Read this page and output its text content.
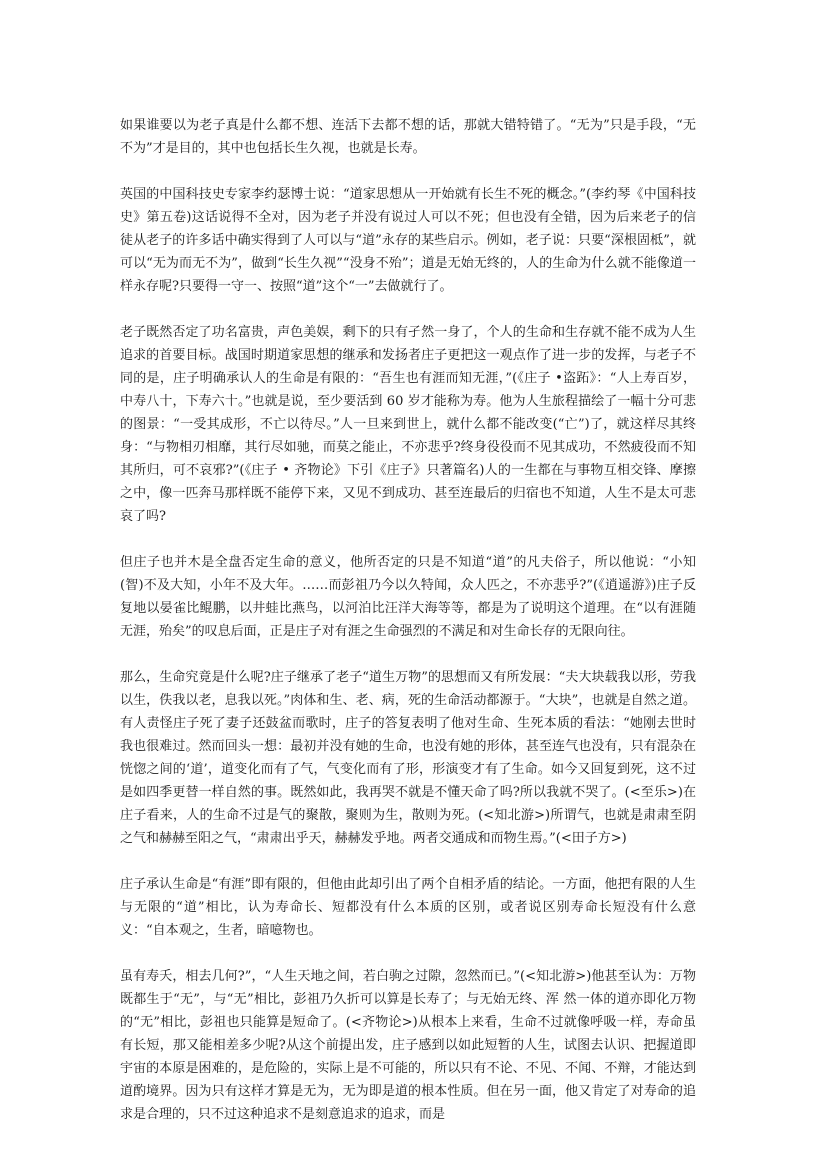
如果谁要以为老子真是什么都不想、连活下去都不想的话，那就大错特错了。“无为”只是手段，“无不为”才是目的，其中也包括长生久视，也就是长寿。

英国的中国科技史专家李约瑟博士说：“道家思想从一开始就有长生不死的概念。”(李约琴《中国科技史》第五卷)这话说得不全对，因为老子并没有说过人可以不死；但也没有全错，因为后来老子的信徒从老子的许多话中确实得到了人可以与“道”永存的某些启示。例如，老子说：只要“深根固柢”，就可以“无为而无不为”，做到“长生久视”“没身不殆”；道是无始无终的，人的生命为什么就不能像道一样永存呢?只要得一守一、按照“道”这个“一”去做就行了。

老子既然否定了功名富贵，声色美娱，剩下的只有孑然一身了，个人的生命和生存就不能不成为人生追求的首要目标。战国时期道家思想的继承和发扬者庄子更把这一观点作了进一步的发挥，与老子不同的是，庄子明确承认人的生命是有限的：“吾生也有涯而知无涯，”(《庄子 •盗跖》：“人上寿百岁，中寿八十，下寿六十。”也就是说，至少要活到 60 岁才能称为寿。他为人生旅程描绘了一幅十分可悲的图景：“一受其成形，不亡以待尽。”人一旦来到世上，就什么都不能改变(“亡”)了，就这样尽其终身：“与物相刃相靡，其行尽如驰，而莫之能止，不亦悲乎?终身役役而不见其成功，不然疲役而不知其所归，可不哀邪?”(《庄子 • 齐物论》下引《庄子》只著篇名)人的一生都在与事物互相交锋、摩擦之中，像一匹奔马那样既不能停下来，又见不到成功、甚至连最后的归宿也不知道，人生不是太可悲哀了吗?

但庄子也并木是全盘否定生命的意义，他所否定的只是不知道“道”的凡夫俗子，所以他说：“小知(智)不及大知，小年不及大年。……而彭祖乃今以久特闻，众人匹之，不亦悲乎?”(《逍遥游》)庄子反复地以晏雀比鲲鹏，以井蛙比燕鸟，以河泊比汪洋大海等等，都是为了说明这个道理。在“以有涯随无涯，殆矣”的叹息后面，正是庄子对有涯之生命强烈的不满足和对生命长存的无限向往。

那么，生命究竟是什么呢?庄子继承了老子“道生万物”的思想而又有所发展：“夫大块载我以形，劳我以生，佚我以老，息我以死。”肉体和生、老、病，死的生命活动都源于。“大块”，也就是自然之道。有人责怪庄子死了妻子还鼓盆而歌时，庄子的答复表明了他对生命、生死本质的看法：“她刚去世时我也很难过。然而回头一想：最初并没有她的生命，也没有她的形体，甚至连气也没有，只有混杂在恍惚之间的‘道’，道变化而有了气，气变化而有了形，形演变才有了生命。如今又回复到死，这不过是如四季更替一样自然的事。既然如此，我再哭不就是不懂天命了吗?所以我就不哭了。(<至乐>)在庄子看来，人的生命不过是气的聚散，聚则为生，散则为死。(<知北游>)所谓气，也就是肃肃至阴之气和赫赫至阳之气，“肃肃出乎天，赫赫发乎地。两者交通成和而物生焉。”(<田子方>)

庄子承认生命是“有涯”即有限的，但他由此却引出了两个自相矛盾的结论。一方面，他把有限的人生与无限的“道”相比，认为寿命长、短都没有什么本质的区别，或者说区别寿命长短没有什么意义：“自本观之，生者，暗噫物也。

虽有寿夭，相去几何?”，“人生天地之间，若白驹之过隙，忽然而已。”(<知北游>)他甚至认为：万物既都生于“无”，与“无”相比，彭祖乃久折可以算是长寿了；与无始无终、浑 然一体的道亦即化万物的“无”相比，彭祖也只能算是短命了。(<齐物论>)从根本上来看，生命不过就像呼吸一样，寿命虽有长短，那又能相差多少呢?从这个前提出发，庄子感到以如此短暂的人生，试图去认识、把握道即宇宙的本原是困难的，是危险的，实际上是不可能的，所以只有不论、不见、不闻、不辩，才能达到道酌境界。因为只有这样才算是无为，无为即是道的根本性质。但在另一面，他又肯定了对寿命的追求是合理的，只不过这种追求不是刻意追求的追求，而是
